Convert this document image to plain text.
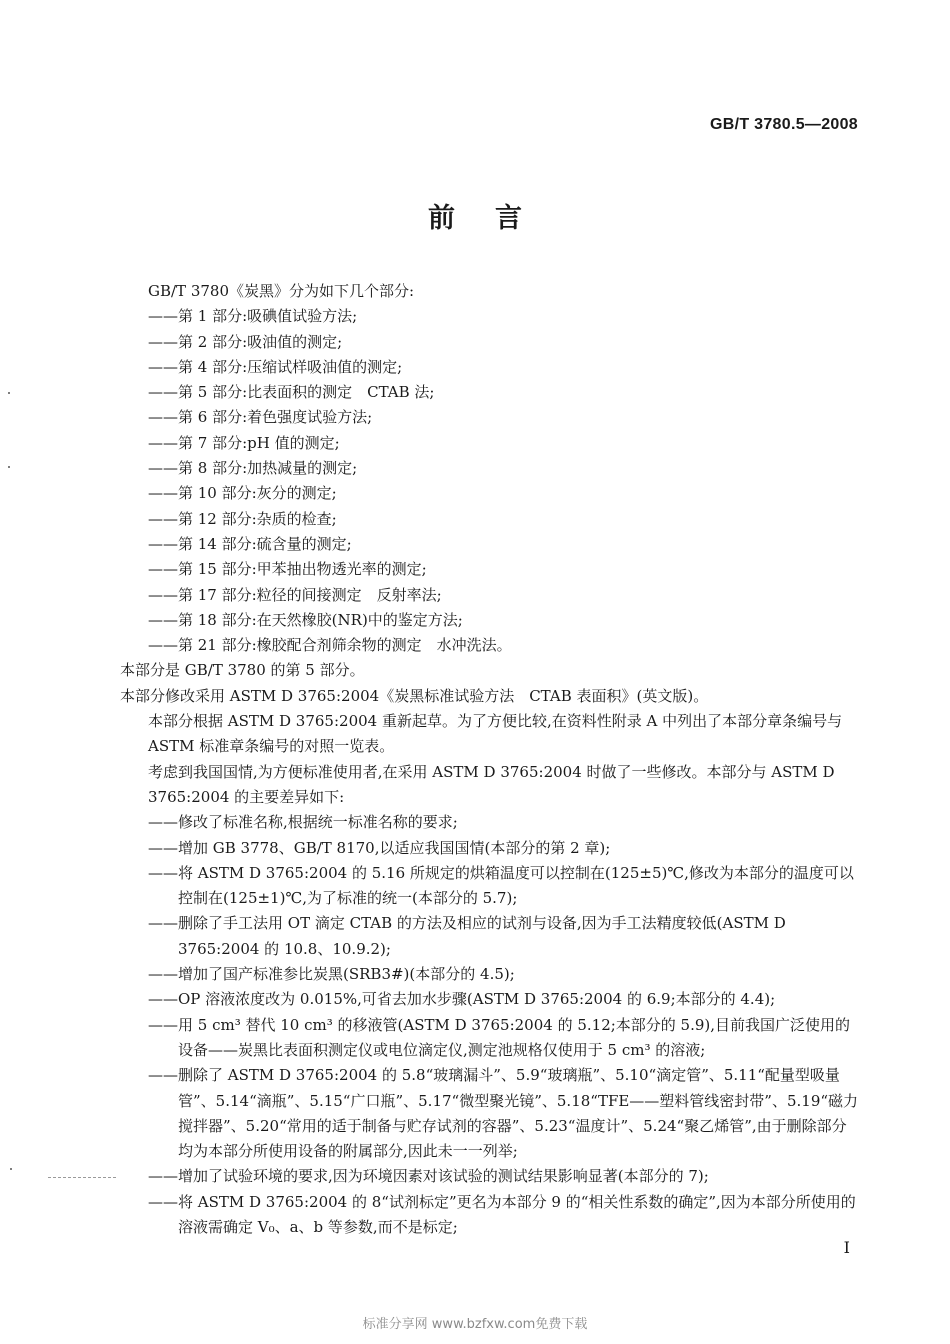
GB/T 3780.5—2008
前言

GB/T 3780《炭黑》分为如下几个部分:

——第 1 部分:吸碘值试验方法;

——第 2 部分:吸油值的测定;

——第 4 部分:压缩试样吸油值的测定;

——第 5 部分:比表面积的测定　CTAB 法;

——第 6 部分:着色强度试验方法;

——第 7 部分:pH 值的测定;

——第 8 部分:加热减量的测定;

——第 10 部分:灰分的测定;

——第 12 部分:杂质的检查;

——第 14 部分:硫含量的测定;

——第 15 部分:甲苯抽出物透光率的测定;

——第 17 部分:粒径的间接测定　反射率法;

——第 18 部分:在天然橡胶(NR)中的鉴定方法;

——第 21 部分:橡胶配合剂筛余物的测定　水冲洗法。

本部分是 GB/T 3780 的第 5 部分。

本部分修改采用 ASTM D 3765:2004《炭黑标准试验方法　CTAB 表面积》(英文版)。

本部分根据 ASTM D 3765:2004 重新起草。为了方便比较,在资料性附录 A 中列出了本部分章条编号与 ASTM 标准章条编号的对照一览表。

考虑到我国国情,为方便标准使用者,在采用 ASTM D 3765:2004 时做了一些修改。本部分与 ASTM D 3765:2004 的主要差异如下:

——修改了标准名称,根据统一标准名称的要求;

——增加 GB 3778、GB/T 8170,以适应我国国情(本部分的第 2 章);

——将 ASTM D 3765:2004 的 5.16 所规定的烘箱温度可以控制在(125±5)℃,修改为本部分的温度可以控制在(125±1)℃,为了标准的统一(本部分的 5.7);

——删除了手工法用 OT 滴定 CTAB 的方法及相应的试剂与设备,因为手工法精度较低(ASTM D 3765:2004 的 10.8、10.9.2);

——增加了国产标准参比炭黑(SRB3#)(本部分的 4.5);

——OP 溶液浓度改为 0.015%,可省去加水步骤(ASTM D 3765:2004 的 6.9;本部分的 4.4);

——用 5 cm³ 替代 10 cm³ 的移液管(ASTM D 3765:2004 的 5.12;本部分的 5.9),目前我国广泛使用的设备——炭黑比表面积测定仪或电位滴定仪,测定池规格仅使用于 5 cm³ 的溶液;

——删除了 ASTM D 3765:2004 的 5.8“玻璃漏斗”、5.9“玻璃瓶”、5.10“滴定管”、5.11“配量型吸量管”、5.14“滴瓶”、5.15“广口瓶”、5.17“微型聚光镜”、5.18“TFE——塑料管线密封带”、5.19“磁力搅拌器”、5.20“常用的适于制备与贮存试剂的容器”、5.23“温度计”、5.24“聚乙烯管”,由于删除部分均为本部分所使用设备的附属部分,因此未一一列举;

——增加了试验环境的要求,因为环境因素对该试验的测试结果影响显著(本部分的 7);

——将 ASTM D 3765:2004 的 8“试剂标定”更名为本部分 9 的“相关性系数的确定”,因为本部分所使用的溶液需确定 V₀、a、b 等参数,而不是标定;

I
标准分享网 www.bzfxw.com免费下载
